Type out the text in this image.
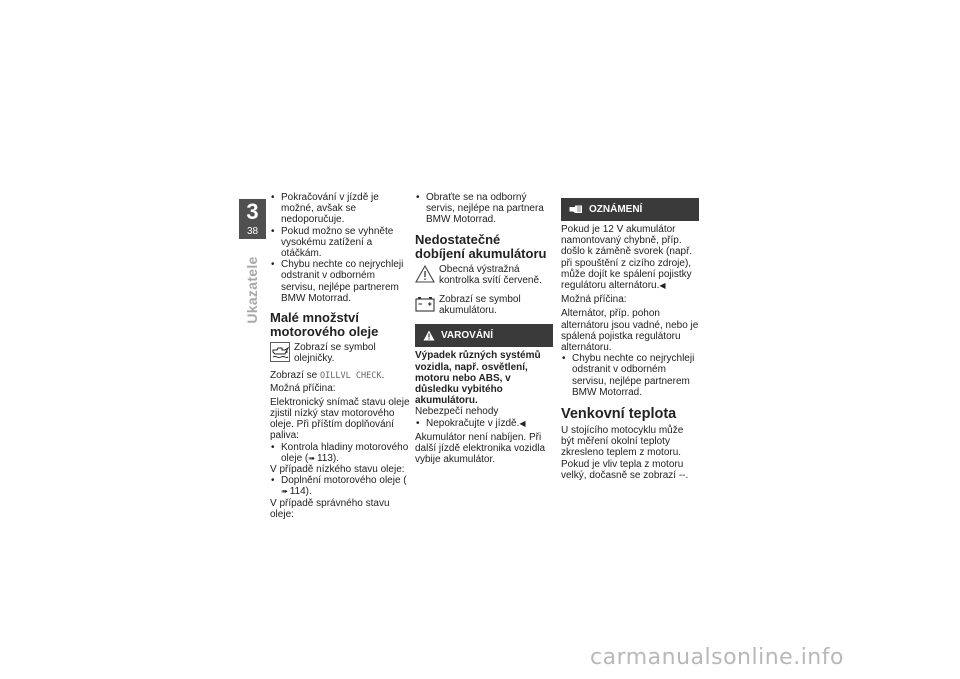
3
38
Ukazatele
• Pokračování v jízdě je možné, avšak se nedoporučuje.
• Pokud možno se vyhněte vysokému zatížení a otáčkám.
• Chybu nechte co nejrychleji odstranit v odborném servisu, nejlépe partnerem BMW Motorrad.
Malé množství motorového oleje
Zobrazí se symbol olejničky.
Zobrazí se OILLVL CHECK.
Možná příčina:
Elektronický snímač stavu oleje zjistil nízký stav motorového oleje. Při příštím doplňování paliva:
• Kontrola hladiny motorového oleje (➠ 113).
V případě nízkého stavu oleje:
• Doplnění motorového oleje (➠ 114).
V případě správného stavu oleje:
• Obraťte se na odborný servis, nejlépe na partnera BMW Motorrad.
Nedostatečné dobíjení akumulátoru
Obecná výstražná kontrolka svítí červeně.
Zobrazí se symbol akumulátoru.
VAROVÁNÍ
Výpadek různých systémů vozidla, např. osvětlení, motoru nebo ABS, v důsledku vybitého akumulátoru.
Nebezpečí nehody
• Nepokračujte v jízdě.◀
Akumulátor není nabíjen. Při další jízdě elektronika vozidla vybije akumulátor.
OZNÁMENÍ
Pokud je 12 V akumulátor namontovaný chybně, příp. došlo k záměně svorek (např. při spouštění z cizího zdroje), může dojít ke spálení pojistky regulátoru alternátoru.◀
Možná příčina:
Alternátor, příp. pohon alternátoru jsou vadné, nebo je spálená pojistka regulátoru alternátoru.
• Chybu nechte co nejrychleji odstranit v odborném servisu, nejlépe partnerem BMW Motorrad.
Venkovní teplota
U stojícího motocyklu může být měření okolní teploty zkresleno teplem z motoru. Pokud je vliv tepla z motoru velký, dočasně se zobrazí --.
carmanualsonline.info
